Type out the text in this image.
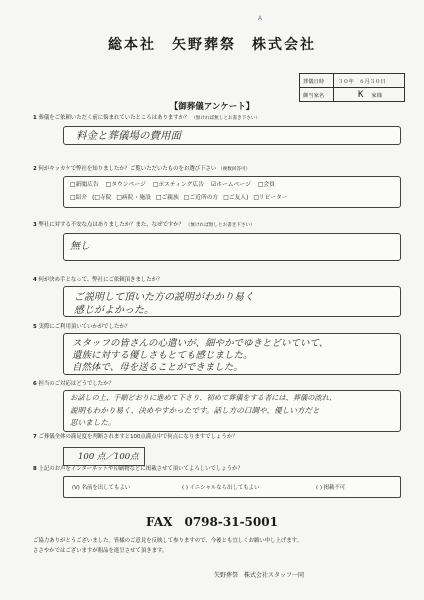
総本社　矢野葬祭　株式会社
A
葬儀日時	３０年　６月３０日
御当家名	K 家様
【御葬儀アンケート】
1 葬儀をご依頼いただく前に悩まれていたところはありますか？ （無ければ無しとお書き下さい）
料金と葬儀場の費用面
2 何がキッカケで弊社を知りましたか？ご覧いただいたものをお選び下さい （複数回答可）
□新聞広告 □タウンページ □ポスティング広告 ☑ホームページ □会員
□紹介 (□寺院 □病院・施設 □ご親族 □ご近所の方 □ご友人) □リピーター
3 弊社に対する不安な点はありましたか？また、なぜですか？ （無ければ無しとお書き下さい）
無し
4 何が決め手となって、弊社にご依頼頂きましたか？
ご説明して頂いた方の説明がわかり易く
感じがよかった。
5 実際にご利用頂いていかがでしたか？
スタッフの皆さんの心遣いが、細やかでゆきとどいていて、
遺族に対する優しさもとても感じました。
自然体で、母を送ることができました。
6 担当のご対応はどうでしたか？
お話しの上、手順どおりに進めて下さり、初めて葬儀をする者には、葬儀の流れ、
説明もわかり易く、決めやすかったです。話し方の口調や、優しい方だと
思いました。
7 ご葬儀全体の満足度を判断されますと100点満点中で何点になりますでしょうか？
100 点／100点
8 上記のお声をインターネットや印刷物などに掲載させて頂いてよろしいでしょうか？
(V) 名前を出してもよい	( ) イニシャルなら出してもよい	( ) 掲載不可
FAX　0798-31-5001
ご協力ありがとうございました。皆様のご意見を反映して参りますので、今後とも宜しくお願い申し上げます。
ささやかではございますが粗品を進呈させて頂きます。
矢野葬祭　株式会社スタッフ一同
